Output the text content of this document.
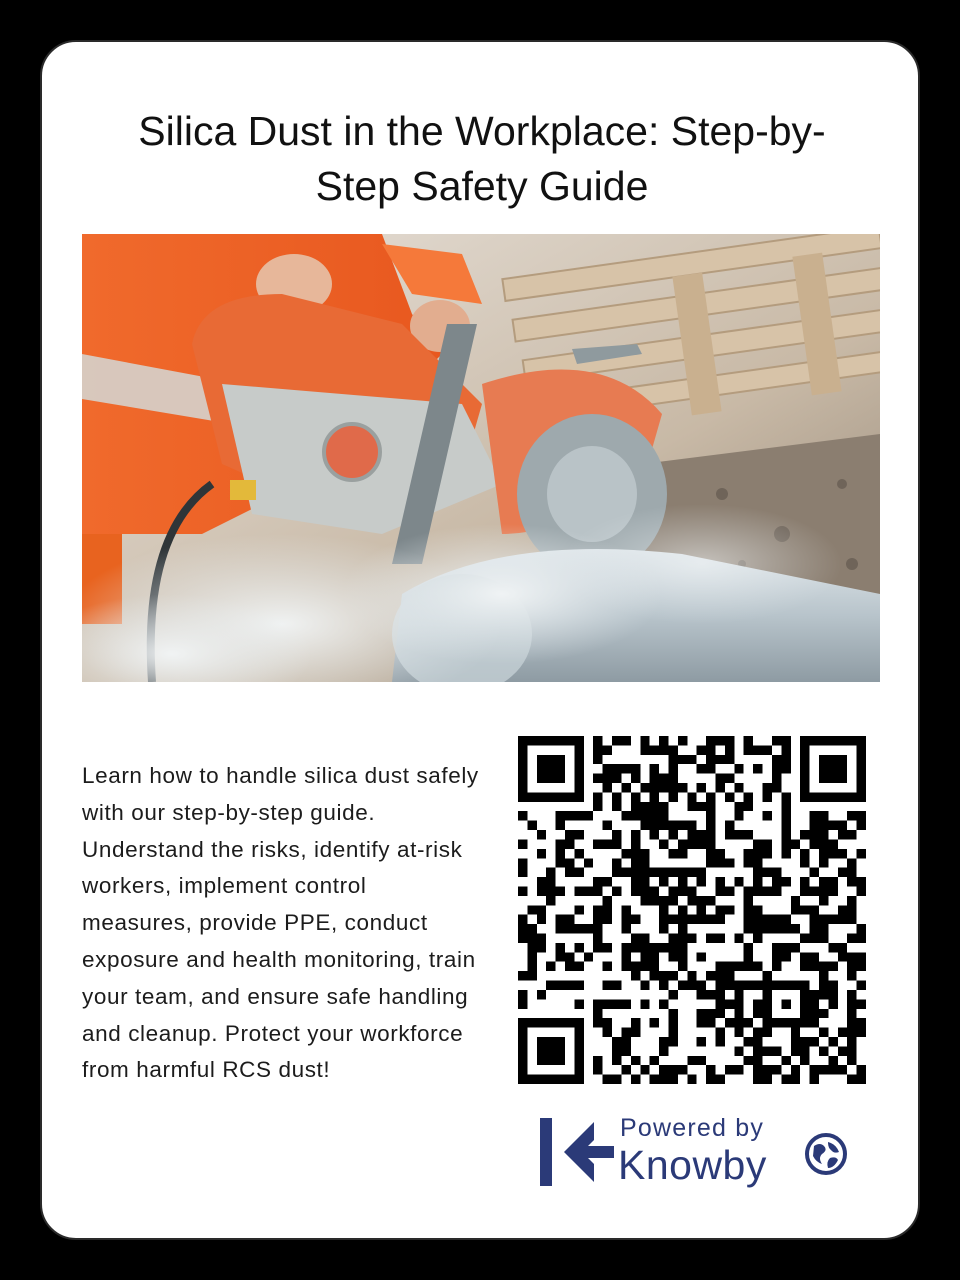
Silica Dust in the Workplace: Step-by-Step Safety Guide

Learn how to handle silica dust safely with our step-by-step guide. Understand the risks, identify at-risk workers, implement control measures, provide PPE, conduct exposure and health monitoring, train your team, and ensure safe handling and cleanup. Protect your workforce from harmful RCS dust!

Powered by
Knowby
